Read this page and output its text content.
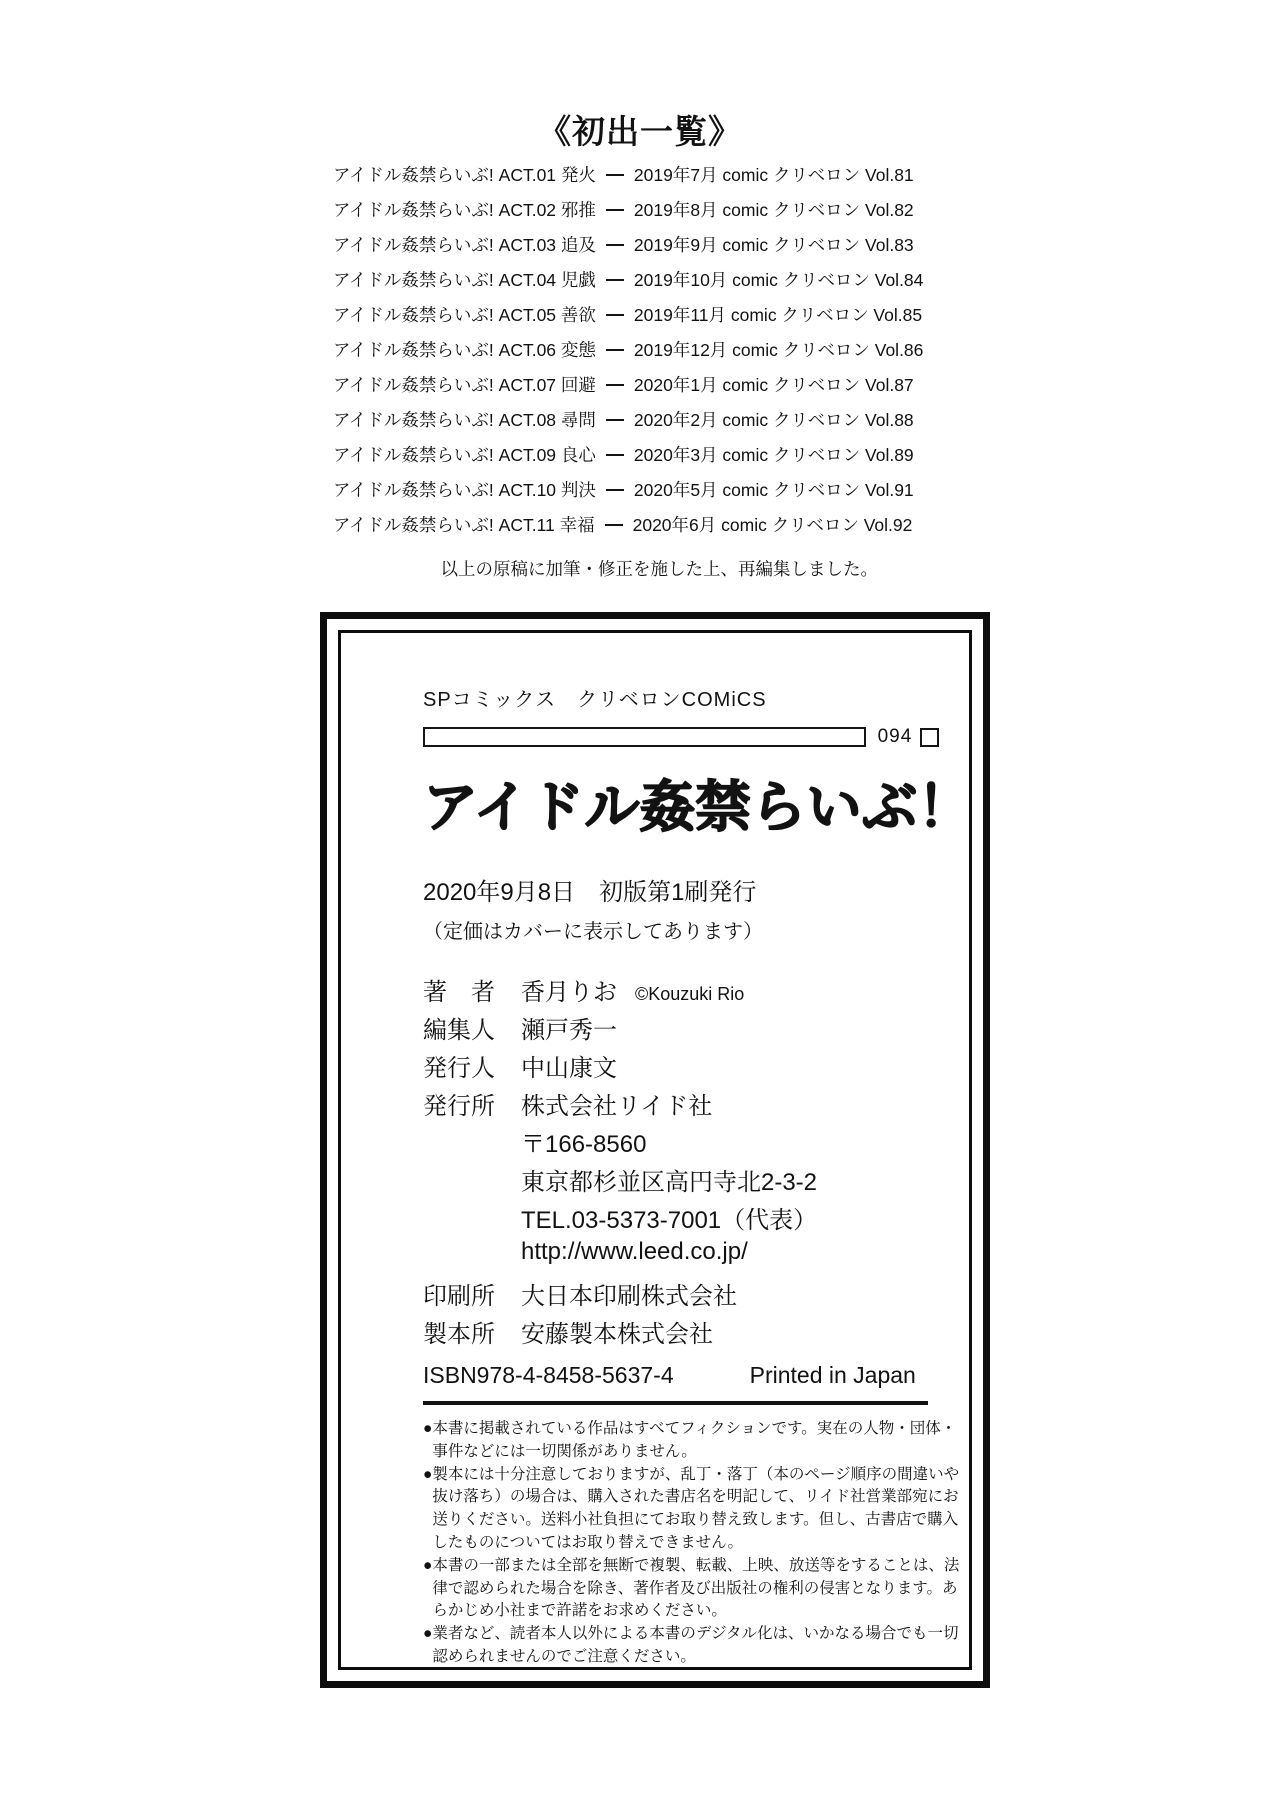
《初出一覧》
アイドル姦禁らいぶ! ACT.01 発火 2019年7月 comic クリベロン Vol.81
アイドル姦禁らいぶ! ACT.02 邪推 2019年8月 comic クリベロン Vol.82
アイドル姦禁らいぶ! ACT.03 追及 2019年9月 comic クリベロン Vol.83
アイドル姦禁らいぶ! ACT.04 児戯 2019年10月 comic クリベロン Vol.84
アイドル姦禁らいぶ! ACT.05 善欲 2019年11月 comic クリベロン Vol.85
アイドル姦禁らいぶ! ACT.06 変態 2019年12月 comic クリベロン Vol.86
アイドル姦禁らいぶ! ACT.07 回避 2020年1月 comic クリベロン Vol.87
アイドル姦禁らいぶ! ACT.08 尋問 2020年2月 comic クリベロン Vol.88
アイドル姦禁らいぶ! ACT.09 良心 2020年3月 comic クリベロン Vol.89
アイドル姦禁らいぶ! ACT.10 判決 2020年5月 comic クリベロン Vol.91
アイドル姦禁らいぶ! ACT.11 幸福 2020年6月 comic クリベロン Vol.92
以上の原稿に加筆・修正を施した上、再編集しました。
SPコミックス　クリベロンCOMiCS
094
アイドル姦禁らいぶ！
2020年9月8日　初版第1刷発行
（定価はカバーに表示してあります）
著　者 香月りお ©Kouzuki Rio
編集人 瀬戸秀一
発行人 中山康文
発行所 株式会社リイド社
〒166-8560
東京都杉並区高円寺北2-3-2
TEL.03-5373-7001（代表）
http://www.leed.co.jp/
印刷所 大日本印刷株式会社
製本所 安藤製本株式会社
ISBN978-4-8458-5637-4	Printed in Japan
● 本書に掲載されている作品はすべてフィクションです。実在の人物・団体・事件などには一切関係がありません。
● 製本には十分注意しておりますが、乱丁・落丁（本のページ順序の間違いや抜け落ち）の場合は、購入された書店名を明記して、リイド社営業部宛にお送りください。送料小社負担にてお取り替え致します。但し、古書店で購入したものについてはお取り替えできません。
● 本書の一部または全部を無断で複製、転載、上映、放送等をすることは、法律で認められた場合を除き、著作者及び出版社の権利の侵害となります。あらかじめ小社まで許諾をお求めください。
● 業者など、読者本人以外による本書のデジタル化は、いかなる場合でも一切認められませんのでご注意ください。
